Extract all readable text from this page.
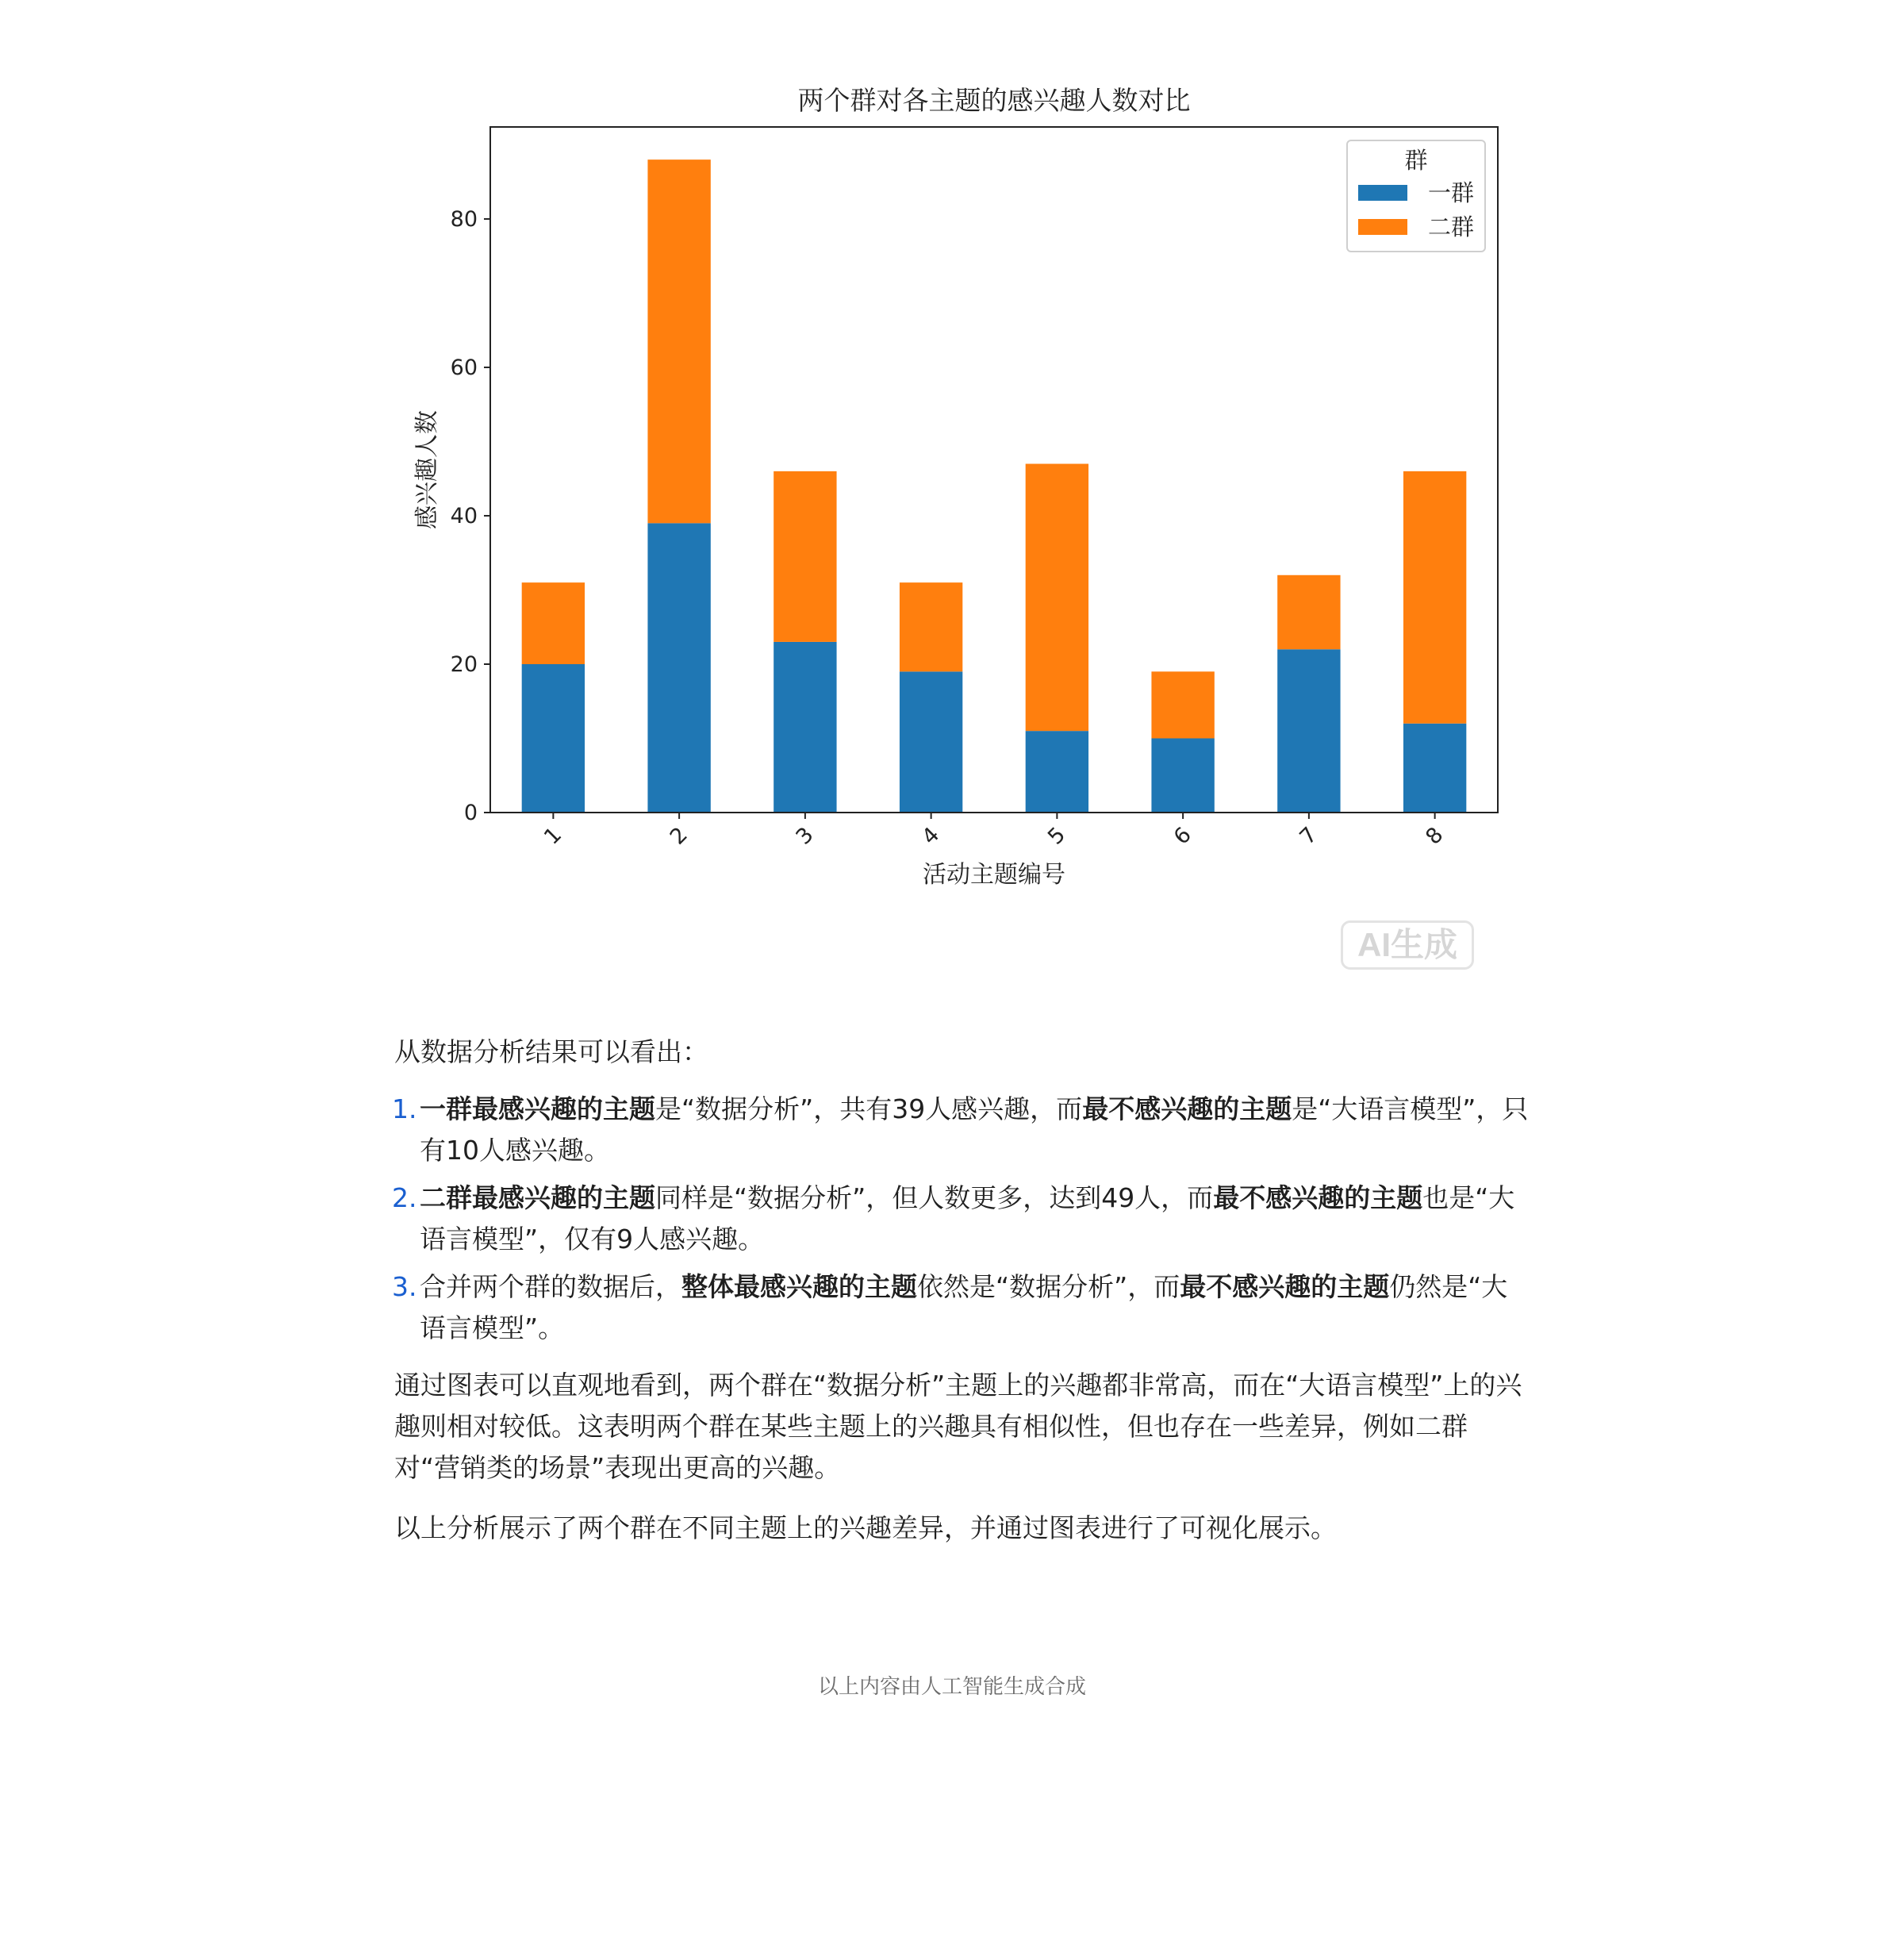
两个群对各主题的感兴趣人数对比
0
20
40
60
80
1	2	3	4	5	6	7	8
活动主题编号
感兴趣人数
群
一群
二群
AI生成

从数据分析结果可以看出：

1. 一群最感兴趣的主题是“数据分析”，共有39人感兴趣，而最不感兴趣的主题是“大语言模型”，只有10人感兴趣。
2. 二群最感兴趣的主题同样是“数据分析”，但人数更多，达到49人，而最不感兴趣的主题也是“大语言模型”，仅有9人感兴趣。
3. 合并两个群的数据后，整体最感兴趣的主题依然是“数据分析”，而最不感兴趣的主题仍然是“大语言模型”。

通过图表可以直观地看到，两个群在“数据分析”主题上的兴趣都非常高，而在“大语言模型”上的兴趣则相对较低。这表明两个群在某些主题上的兴趣具有相似性，但也存在一些差异，例如二群对“营销类的场景”表现出更高的兴趣。

以上分析展示了两个群在不同主题上的兴趣差异，并通过图表进行了可视化展示。

以上内容由人工智能生成合成
